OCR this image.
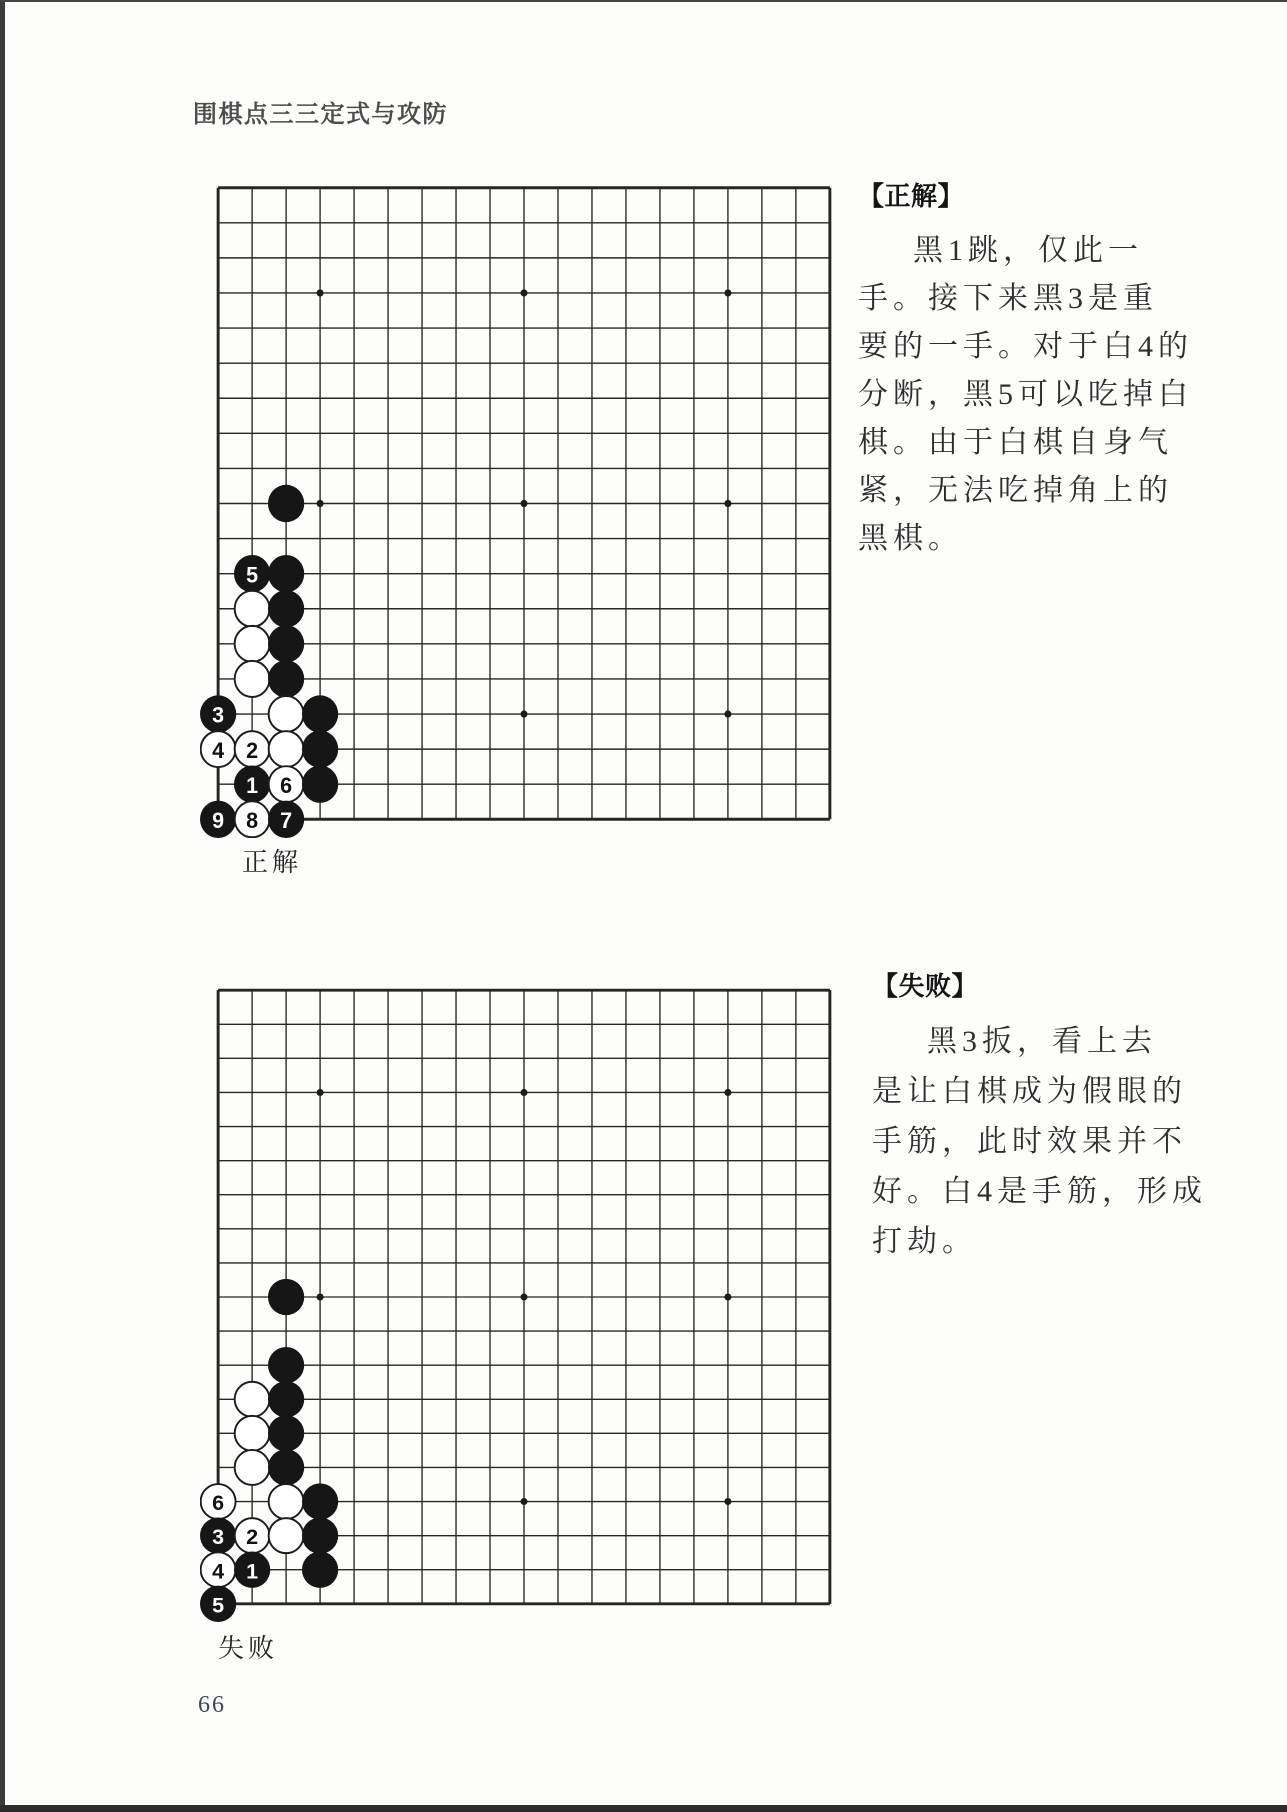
围棋点三三定式与攻防
5
3
4 2
1 6
9 8 7
正解
【正解】
黑1跳，仅此一
手。接下来黑3是重
要的一手。对于白4的
分断，黑5可以吃掉白
棋。由于白棋自身气
紧，无法吃掉角上的
黑棋。
6
3 2
4 1
5
失败
【失败】
黑3扳，看上去
是让白棋成为假眼的
手筋，此时效果并不
好。白4是手筋，形成
打劫。
66
